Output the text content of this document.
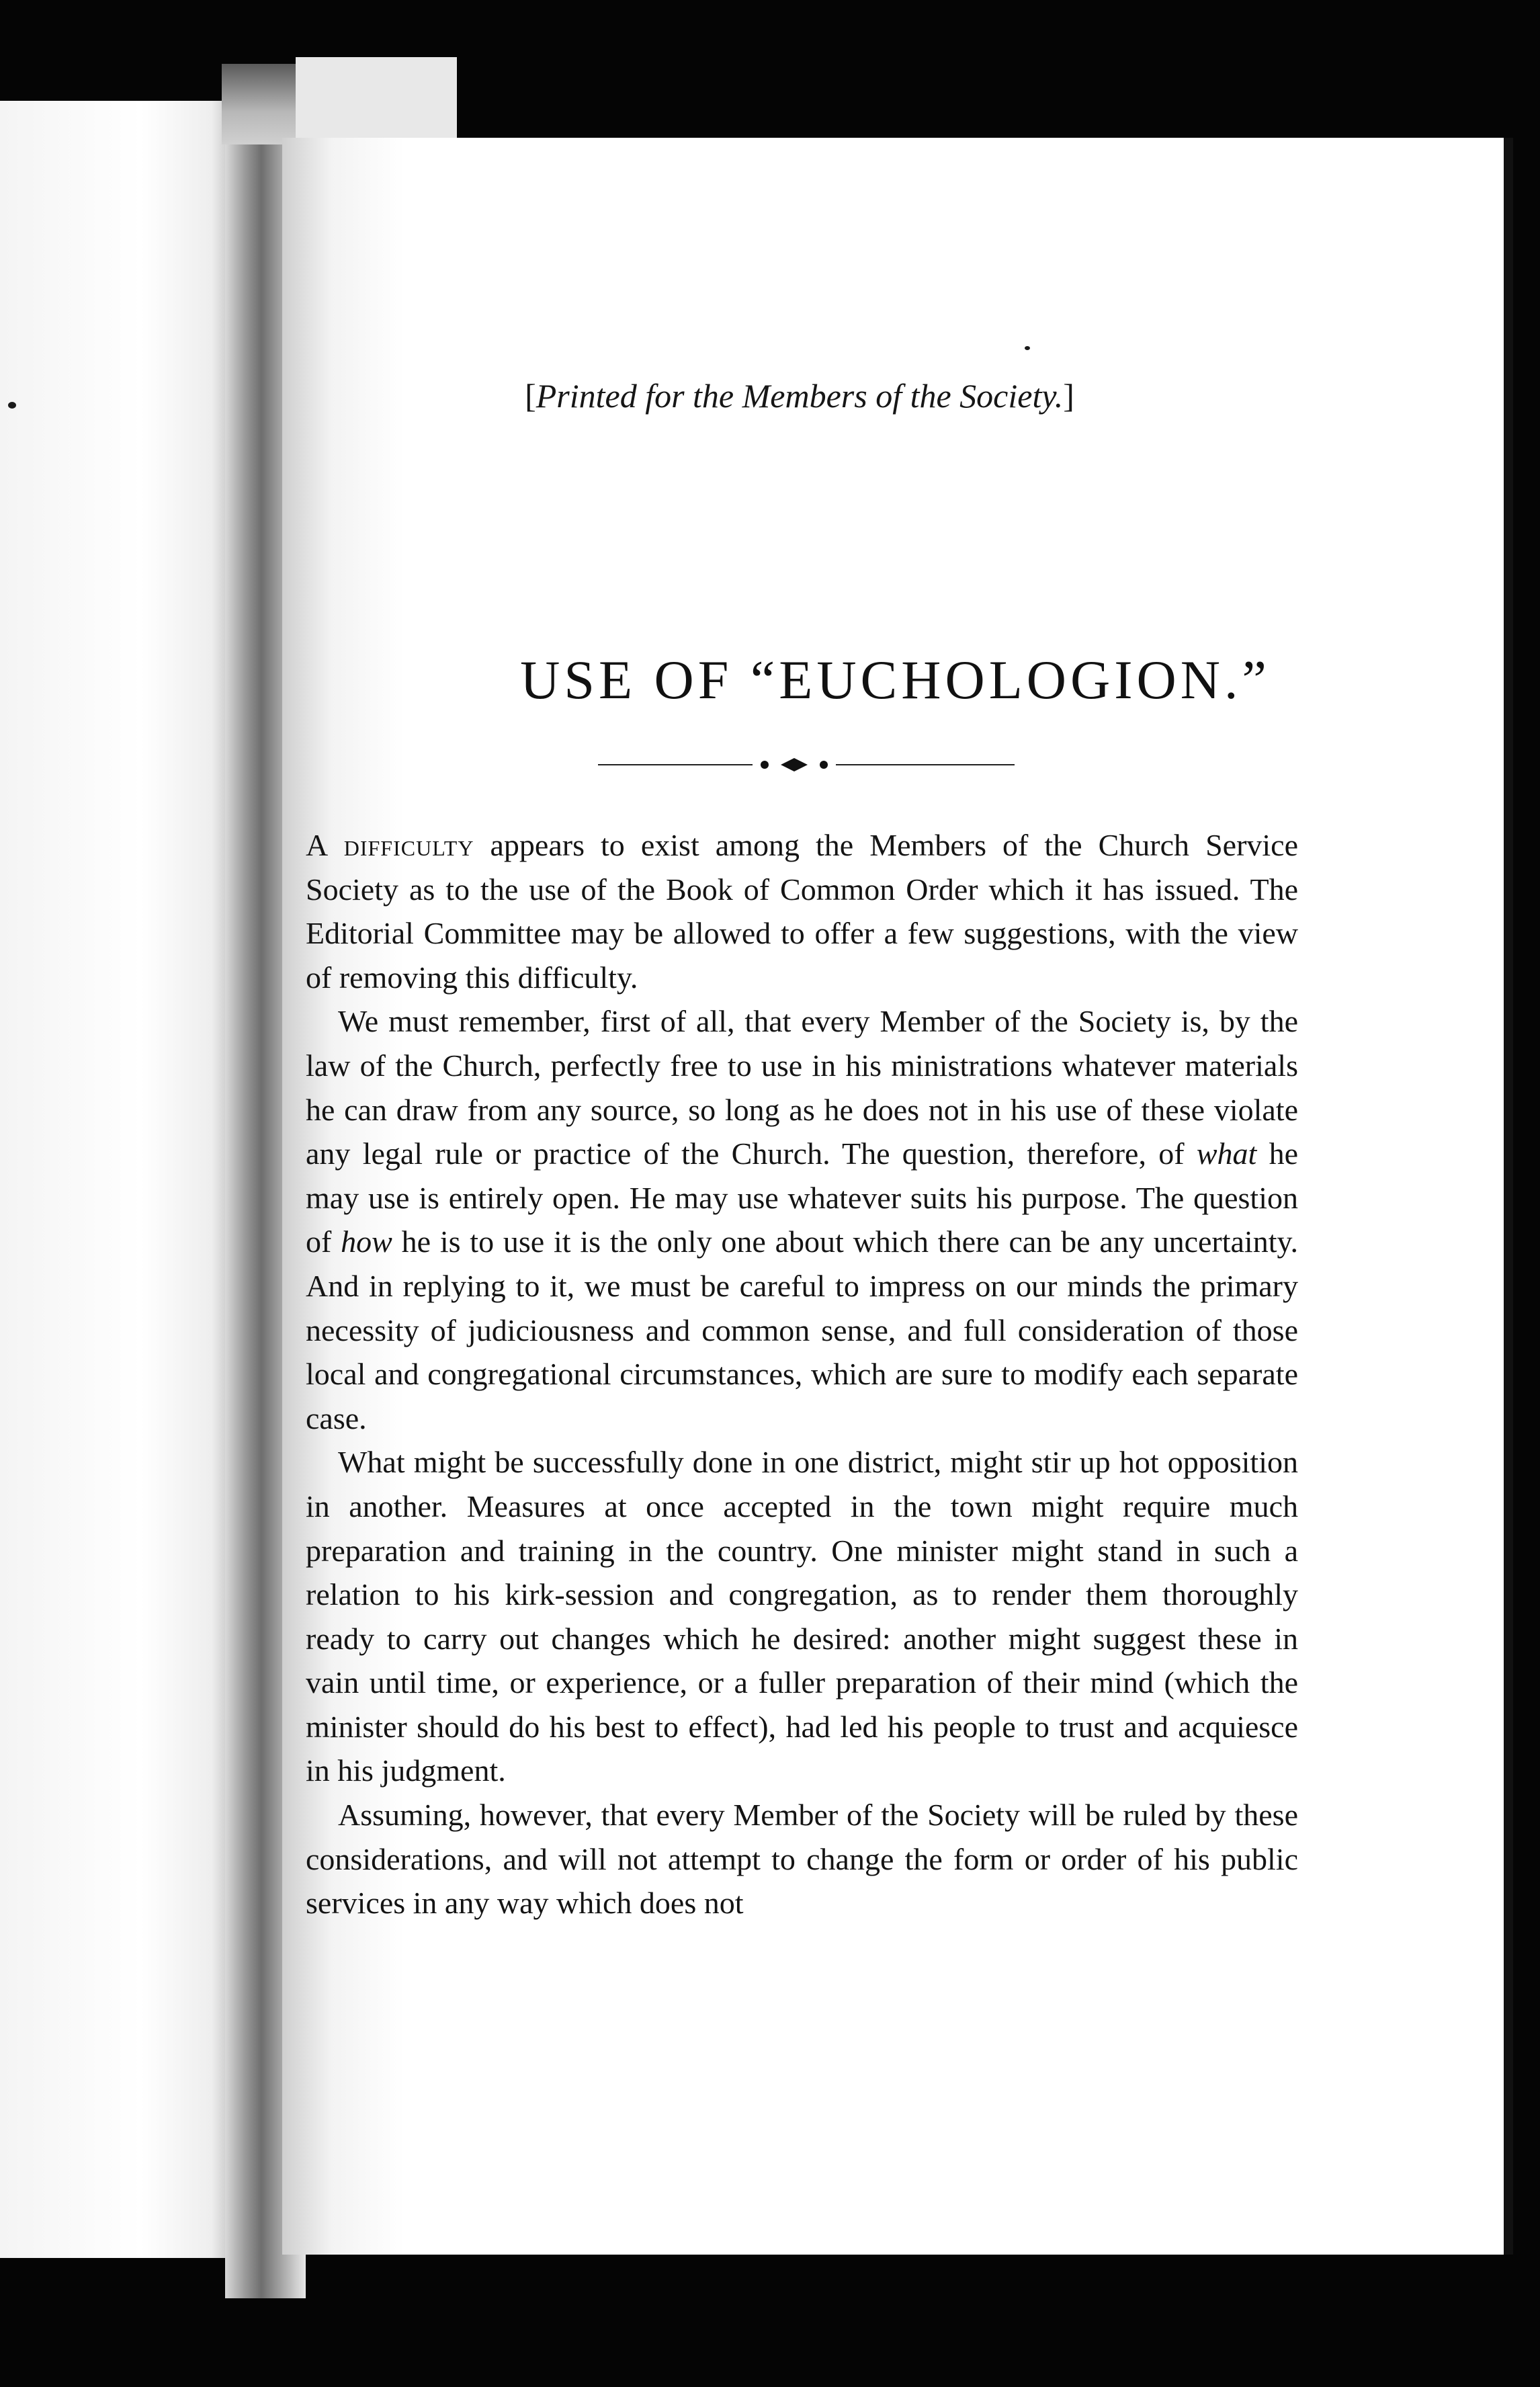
[Printed for the Members of the Society.]
USE OF “EUCHOLOGION.”

A difficulty appears to exist among the Members of the Church Service Society as to the use of the Book of Common Order which it has issued. The Editorial Committee may be allowed to offer a few suggestions, with the view of removing this difficulty.

We must remember, first of all, that every Member of the Society is, by the law of the Church, perfectly free to use in his ministrations whatever materials he can draw from any source, so long as he does not in his use of these violate any legal rule or practice of the Church. The question, therefore, of what he may use is entirely open. He may use whatever suits his purpose. The question of how he is to use it is the only one about which there can be any uncertainty. And in replying to it, we must be careful to impress on our minds the primary necessity of judiciousness and common sense, and full consideration of those local and congregational circumstances, which are sure to modify each separate case.

What might be successfully done in one district, might stir up hot opposition in another. Measures at once accepted in the town might require much preparation and training in the country. One minister might stand in such a relation to his kirk-session and congregation, as to render them thoroughly ready to carry out changes which he desired: another might suggest these in vain until time, or experience, or a fuller preparation of their mind (which the minister should do his best to effect), had led his people to trust and acquiesce in his judgment.

Assuming, however, that every Member of the Society will be ruled by these considerations, and will not attempt to change the form or order of his public services in any way which does not
